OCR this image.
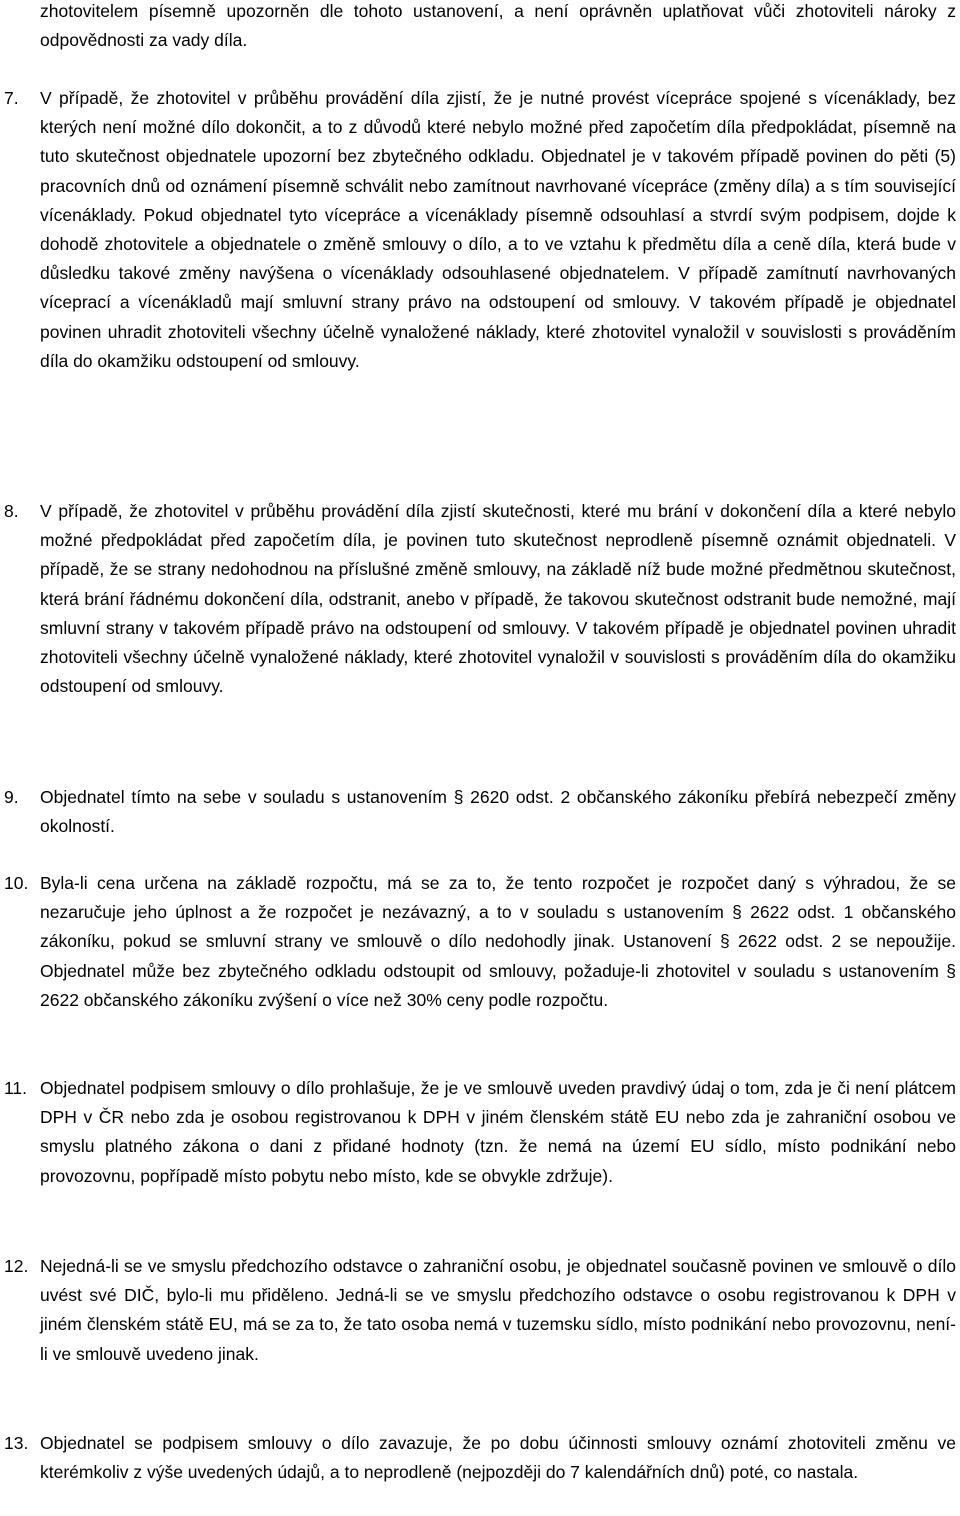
zhotovitelem písemně upozorněn dle tohoto ustanovení, a není oprávněn uplatňovat vůči zhotoviteli nároky z odpovědnosti za vady díla.

7.	V případě, že zhotovitel v průběhu provádění díla zjistí, že je nutné provést vícepráce spojené s vícenáklady, bez kterých není možné dílo dokončit, a to z důvodů které nebylo možné před započetím díla předpokládat, písemně na tuto skutečnost objednatele upozorní bez zbytečného odkladu. Objednatel je v takovém případě povinen do pěti (5) pracovních dnů od oznámení písemně schválit nebo zamítnout navrhované vícepráce (změny díla) a s tím související vícenáklady. Pokud objednatel tyto vícepráce a vícenáklady písemně odsouhlasí a stvrdí svým podpisem, dojde k dohodě zhotovitele a objednatele o změně smlouvy o dílo, a to ve vztahu k předmětu díla a ceně díla, která bude v důsledku takové změny navýšena o vícenáklady odsouhlasené objednatelem. V případě zamítnutí navrhovaných víceprací a vícenákladů mají smluvní strany právo na odstoupení od smlouvy. V takovém případě je objednatel povinen uhradit zhotoviteli všechny účelně vynaložené náklady, které zhotovitel vynaložil v souvislosti s prováděním díla do okamžiku odstoupení od smlouvy.

8.	V případě, že zhotovitel v průběhu provádění díla zjistí skutečnosti, které mu brání v dokončení díla a které nebylo možné předpokládat před započetím díla, je povinen tuto skutečnost neprodleně písemně oznámit objednateli. V případě, že se strany nedohodnou na příslušné změně smlouvy, na základě níž bude možné předmětnou skutečnost, která brání řádnému dokončení díla, odstranit, anebo v případě, že takovou skutečnost odstranit bude nemožné, mají smluvní strany v takovém případě právo na odstoupení od smlouvy. V takovém případě je objednatel povinen uhradit zhotoviteli všechny účelně vynaložené náklady, které zhotovitel vynaložil v souvislosti s prováděním díla do okamžiku odstoupení od smlouvy.

9.	Objednatel tímto na sebe v souladu s ustanovením § 2620 odst. 2 občanského zákoníku přebírá nebezpečí změny okolností.

10. Byla-li cena určena na základě rozpočtu, má se za to, že tento rozpočet je rozpočet daný s výhradou, že se nezaručuje jeho úplnost a že rozpočet je nezávazný, a to v souladu s ustanovením § 2622 odst. 1 občanského zákoníku, pokud se smluvní strany ve smlouvě o dílo nedohodly jinak. Ustanovení § 2622 odst. 2 se nepoužije. Objednatel může bez zbytečného odkladu odstoupit od smlouvy, požaduje-li zhotovitel v souladu s ustanovením § 2622 občanského zákoníku zvýšení o více než 30% ceny podle rozpočtu.

11. Objednatel podpisem smlouvy o dílo prohlašuje, že je ve smlouvě uveden pravdivý údaj o tom, zda je či není plátcem DPH v ČR nebo zda je osobou registrovanou k DPH v jiném členském státě EU nebo zda je zahraniční osobou ve smyslu platného zákona o dani z přidané hodnoty (tzn. že nemá na území EU sídlo, místo podnikání nebo provozovnu, popřípadě místo pobytu nebo místo, kde se obvykle zdržuje).

12. Nejedná-li se ve smyslu předchozího odstavce o zahraniční osobu, je objednatel současně povinen ve smlouvě o dílo uvést své DIČ, bylo-li mu přiděleno. Jedná-li se ve smyslu předchozího odstavce o osobu registrovanou k DPH v jiném členském státě EU, má se za to, že tato osoba nemá v tuzemsku sídlo, místo podnikání nebo provozovnu, není-li ve smlouvě uvedeno jinak.

13. Objednatel se podpisem smlouvy o dílo zavazuje, že po dobu účinnosti smlouvy oznámí zhotoviteli změnu ve kterémkoliv z výše uvedených údajů, a to neprodleně (nejpozději do 7 kalendářních dnů) poté, co nastala.
